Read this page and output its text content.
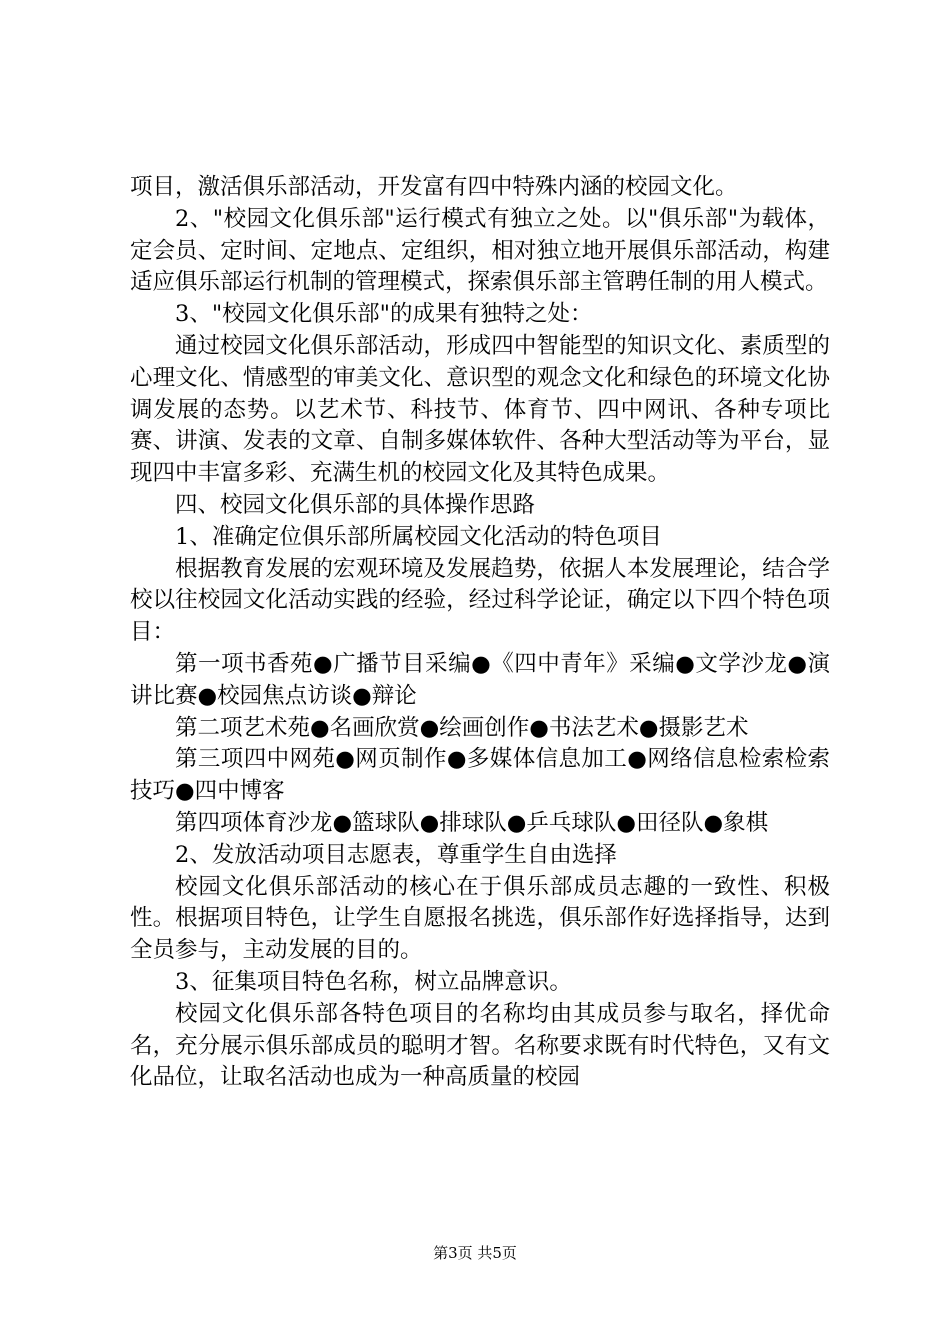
项目，激活俱乐部活动，开发富有四中特殊内涵的校园文化。

2、"校园文化俱乐部"运行模式有独立之处。以"俱乐部"为载体，定会员、定时间、定地点、定组织，相对独立地开展俱乐部活动，构建适应俱乐部运行机制的管理模式，探索俱乐部主管聘任制的用人模式。

3、"校园文化俱乐部"的成果有独特之处：

通过校园文化俱乐部活动，形成四中智能型的知识文化、素质型的心理文化、情感型的审美文化、意识型的观念文化和绿色的环境文化协调发展的态势。以艺术节、科技节、体育节、四中网讯、各种专项比赛、讲演、发表的文章、自制多媒体软件、各种大型活动等为平台，显现四中丰富多彩、充满生机的校园文化及其特色成果。

四、校园文化俱乐部的具体操作思路

1、准确定位俱乐部所属校园文化活动的特色项目

根据教育发展的宏观环境及发展趋势，依据人本发展理论，结合学校以往校园文化活动实践的经验，经过科学论证，确定以下四个特色项目：

第一项书香苑●广播节目采编●《四中青年》采编●文学沙龙●演讲比赛●校园焦点访谈●辩论

第二项艺术苑●名画欣赏●绘画创作●书法艺术●摄影艺术

第三项四中网苑●网页制作●多媒体信息加工●网络信息检索检索技巧●四中博客

第四项体育沙龙●篮球队●排球队●乒乓球队●田径队●象棋

2、发放活动项目志愿表，尊重学生自由选择

校园文化俱乐部活动的核心在于俱乐部成员志趣的一致性、积极性。根据项目特色，让学生自愿报名挑选，俱乐部作好选择指导，达到全员参与，主动发展的目的。

3、征集项目特色名称，树立品牌意识。

校园文化俱乐部各特色项目的名称均由其成员参与取名，择优命名，充分展示俱乐部成员的聪明才智。名称要求既有时代特色，又有文化品位，让取名活动也成为一种高质量的校园

第3页 共5页
